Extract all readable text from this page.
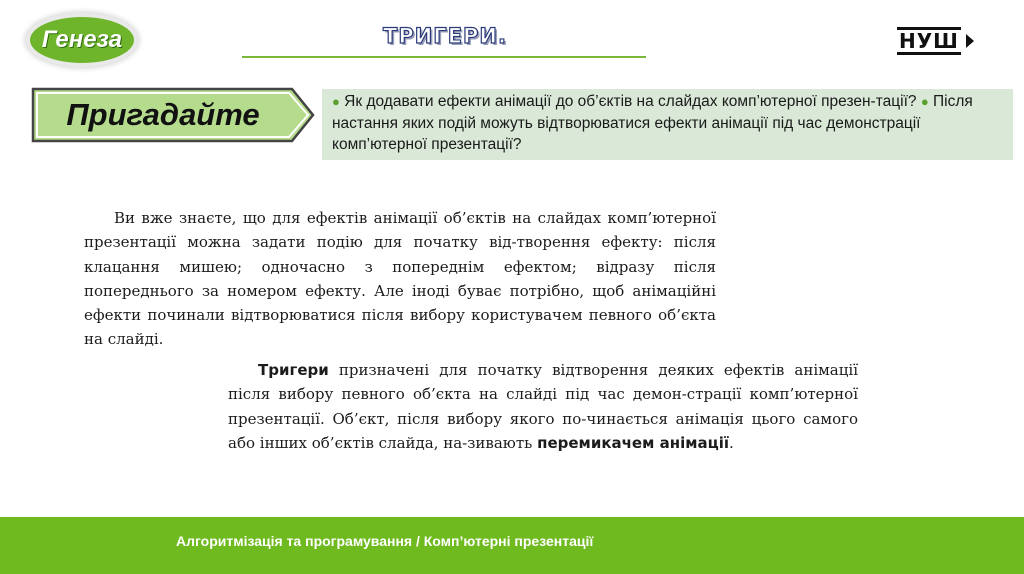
Генеза	ТРИГЕРИ.	НУШ
Пригадайте	● Як додавати ефекти анімації до об’єктів на слайдах комп’ютерної презен-тації? ● Після настання яких подій можуть відтворюватися ефекти анімації під час демонстрації комп’ютерної презентації?

Ви вже знаєте, що для ефектів анімації об’єктів на слайдах комп’ютерної презентації можна задати подію для початку від-творення ефекту: після клацання мишею; одночасно з попереднім ефектом; відразу після попереднього за номером ефекту. Але іноді буває потрібно, щоб анімаційні ефекти починали відтворюватися після вибору користувачем певного об’єкта на слайді.

Тригери призначені для початку відтворення деяких ефектів анімації після вибору певного об’єкта на слайді під час демон-страції комп’ютерної презентації. Об’єкт, після вибору якого по-чинається анімація цього самого або інших об’єктів слайда, на-зивають перемикачем анімації.

Алгоритмізація та програмування / Комп’ютерні презентації
